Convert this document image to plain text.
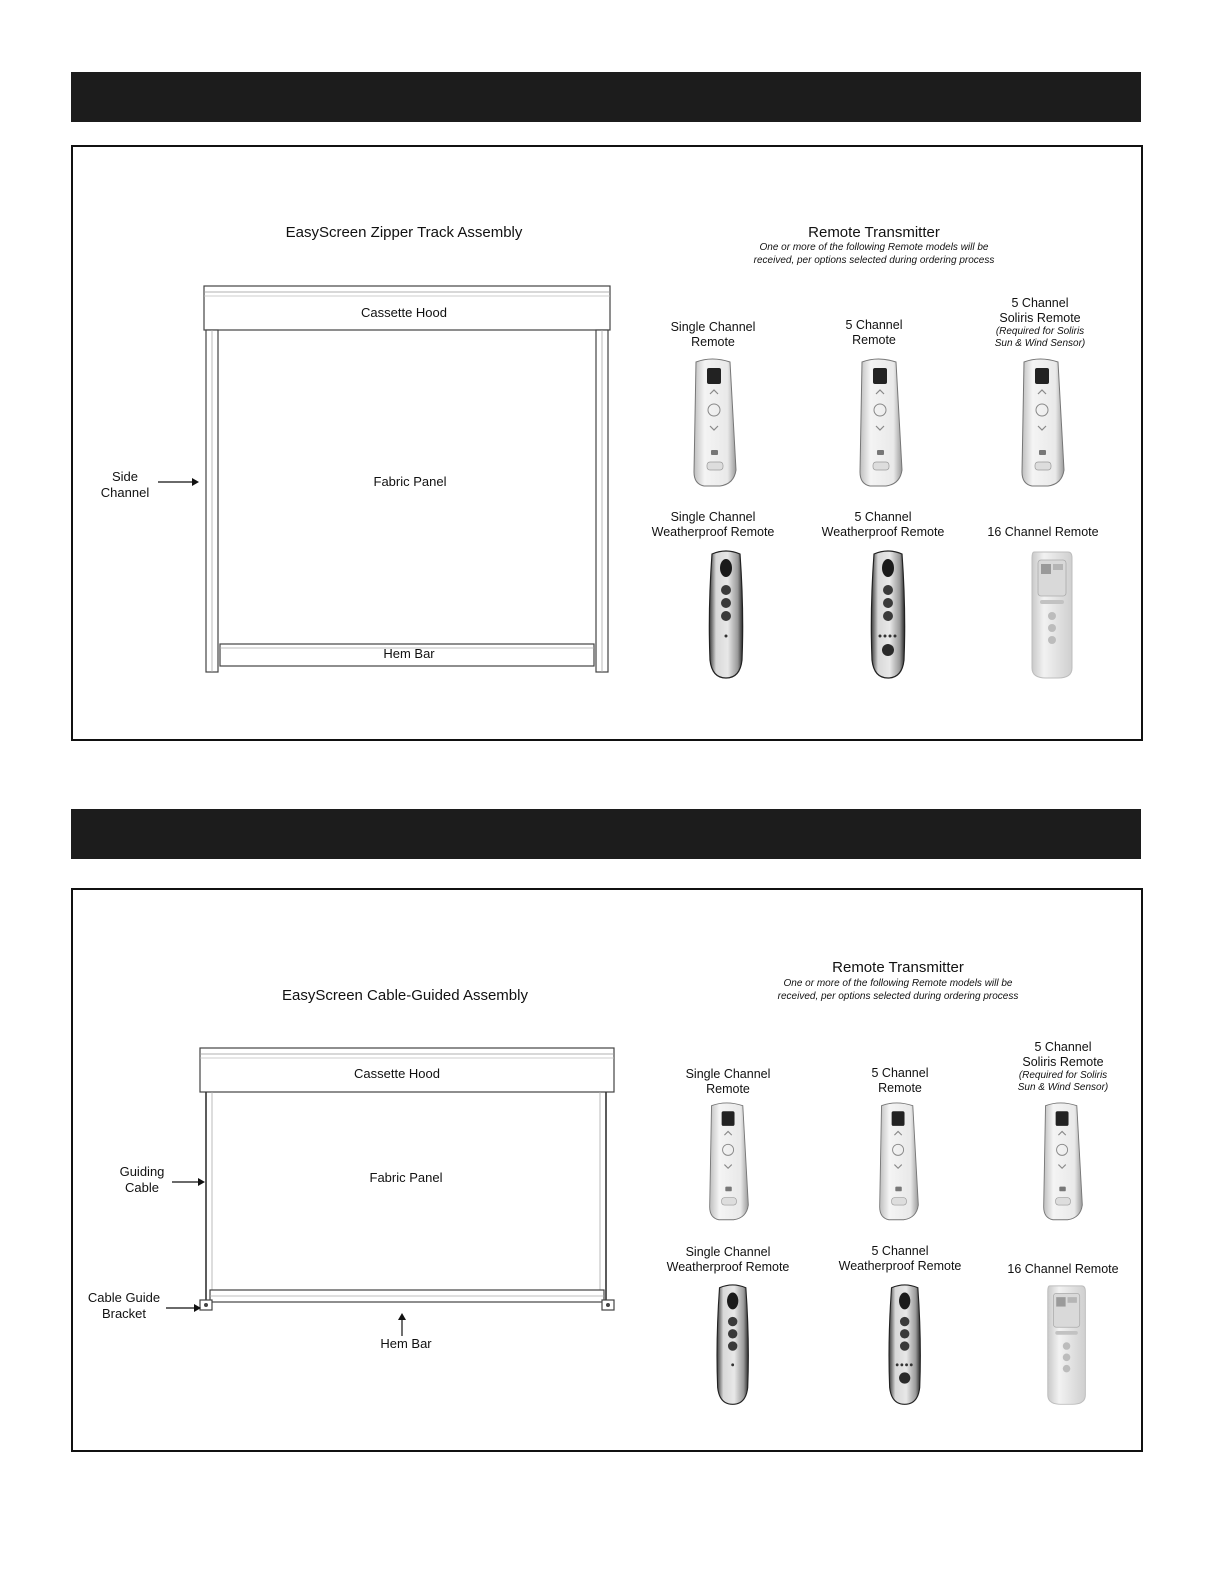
EasyScreen Zipper Track Assembly
Cassette Hood
Fabric Panel
Hem Bar
Side
Channel
Remote Transmitter
One or more of the following Remote models will be
received, per options selected during ordering process
Single Channel
Remote
5 Channel
Remote
5 Channel
Soliris Remote
(Required for Soliris
Sun & Wind Sensor)
Single Channel
Weatherproof Remote
5 Channel
Weatherproof Remote	16 Channel Remote
EasyScreen Cable-Guided Assembly
Cassette Hood
Fabric Panel
Guiding
Cable
Cable Guide
Bracket
Hem Bar
Remote Transmitter
One or more of the following Remote models will be
received, per options selected during ordering process
Single Channel
Remote
5 Channel
Remote
5 Channel
Soliris Remote
(Required for Soliris
Sun & Wind Sensor)
Single Channel
Weatherproof Remote
5 Channel
Weatherproof Remote	16 Channel Remote
